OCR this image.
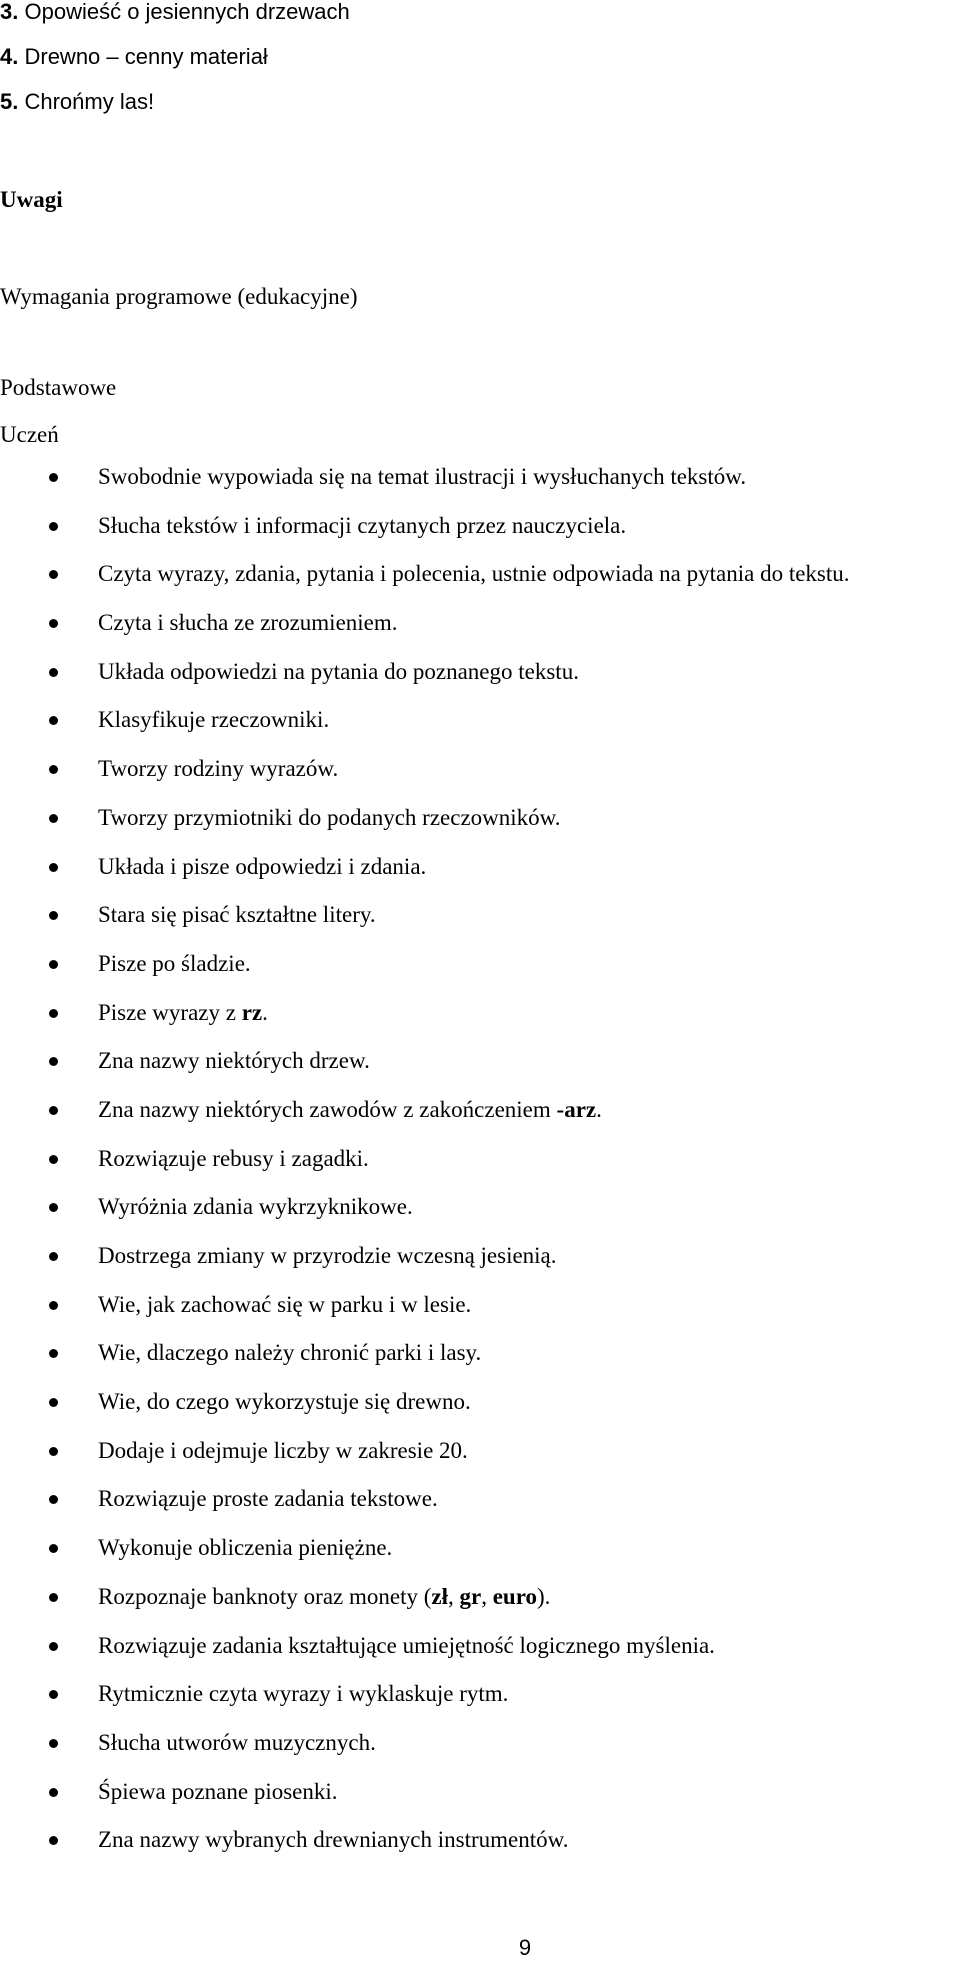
3. Opowieść o jesiennych drzewach
4. Drewno – cenny materiał
5. Chrońmy las!
Uwagi
Wymagania programowe (edukacyjne)
Podstawowe
Uczeń
Swobodnie wypowiada się na temat ilustracji i wysłuchanych tekstów.
Słucha tekstów i informacji czytanych przez nauczyciela.
Czyta wyrazy, zdania, pytania i polecenia, ustnie odpowiada na pytania do tekstu.
Czyta i słucha ze zrozumieniem.
Układa odpowiedzi na pytania do poznanego tekstu.
Klasyfikuje rzeczowniki.
Tworzy rodziny wyrazów.
Tworzy przymiotniki do podanych rzeczowników.
Układa i pisze odpowiedzi i zdania.
Stara się pisać kształtne litery.
Pisze po śladzie.
Pisze wyrazy z rz.
Zna nazwy niektórych drzew.
Zna nazwy niektórych zawodów z zakończeniem -arz.
Rozwiązuje rebusy i zagadki.
Wyróżnia zdania wykrzyknikowe.
Dostrzega zmiany w przyrodzie wczesną jesienią.
Wie, jak zachować się w parku i w lesie.
Wie, dlaczego należy chronić parki i lasy.
Wie, do czego wykorzystuje się drewno.
Dodaje i odejmuje liczby w zakresie 20.
Rozwiązuje proste zadania tekstowe.
Wykonuje obliczenia pieniężne.
Rozpoznaje banknoty oraz monety (zł, gr, euro).
Rozwiązuje zadania kształtujące umiejętność logicznego myślenia.
Rytmicznie czyta wyrazy i wyklaskuje rytm.
Słucha utworów muzycznych.
Śpiewa poznane piosenki.
Zna nazwy wybranych drewnianych instrumentów.
9
